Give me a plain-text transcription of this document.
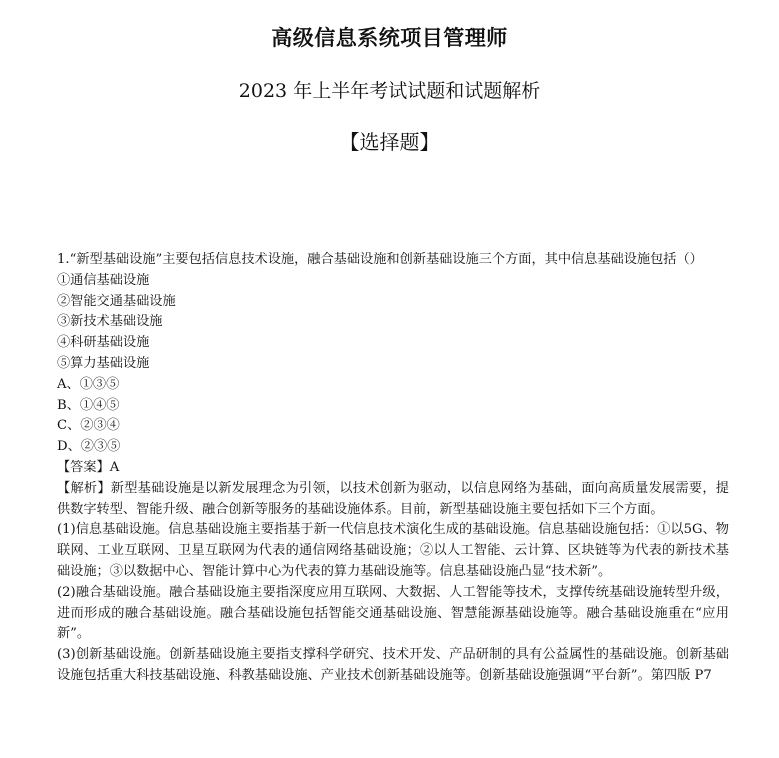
高级信息系统项目管理师
2023 年上半年考试试题和试题解析
【选择题】

1.“新型基础设施”主要包括信息技术设施，融合基础设施和创新基础设施三个方面，其中信息基础设施包括（）

①通信基础设施

②智能交通基础设施

③新技术基础设施

④科研基础设施

⑤算力基础设施

A、①③⑤

B、①④⑤

C、②③④

D、②③⑤

【答案】A

【解析】新型基础设施是以新发展理念为引领，以技术创新为驱动，以信息网络为基础，面向高质量发展需要，提供数字转型、智能升级、融合创新等服务的基础设施体系。目前，新型基础设施主要包括如下三个方面。

(1)信息基础设施。信息基础设施主要指基于新一代信息技术演化生成的基础设施。信息基础设施包括：①以5G、物联网、工业互联网、卫星互联网为代表的通信网络基础设施；②以人工智能、云计算、区块链等为代表的新技术基础设施；③以数据中心、智能计算中心为代表的算力基础设施等。信息基础设施凸显“技术新”。

(2)融合基础设施。融合基础设施主要指深度应用互联网、大数据、人工智能等技术，支撑传统基础设施转型升级，进而形成的融合基础设施。融合基础设施包括智能交通基础设施、智慧能源基础设施等。融合基础设施重在“应用新”。

(3)创新基础设施。创新基础设施主要指支撑科学研究、技术开发、产品研制的具有公益属性的基础设施。创新基础设施包括重大科技基础设施、科教基础设施、产业技术创新基础设施等。创新基础设施强调“平台新”。第四版 P7
